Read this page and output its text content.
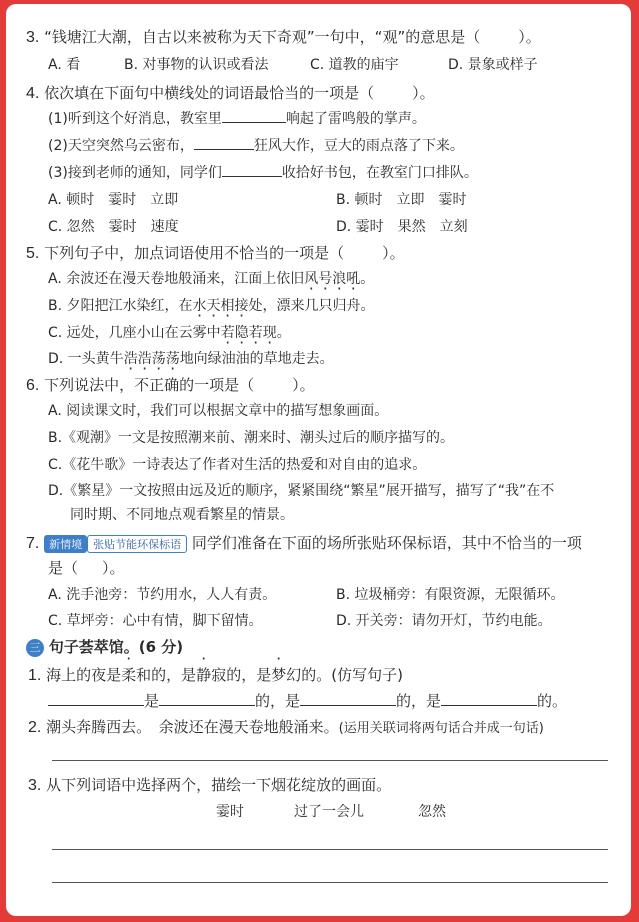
3. “钱塘江大潮，自古以来被称为天下奇观”一句中，“观”的意思是（	）。
A. 看	B. 对事物的认识或看法	C. 道教的庙宇	D. 景象或样子
4. 依次填在下面句中横线处的词语最恰当的一项是（	）。
(1)听到这个好消息，教室里	响起了雷鸣般的掌声。
(2)天空突然乌云密布，	狂风大作，豆大的雨点落了下来。
(3)接到老师的通知，同学们	收拾好书包，在教室门口排队。
A. 顿时　霎时　立即	B. 顿时　立即　霎时
C. 忽然　霎时　速度	D. 霎时　果然　立刻
5. 下列句子中，加点词语使用不恰当的一项是（	）。
A. 余波还在漫天卷地般涌来，江面上依旧风号浪吼。
B. 夕阳把江水染红，在水天相接处，漂来几只归舟。
C. 远处，几座小山在云雾中若隐若现。
D. 一头黄牛浩浩荡荡地向绿油油的草地走去。
6. 下列说法中，不正确的一项是（	）。
A. 阅读课文时，我们可以根据文章中的描写想象画面。
B.《观潮》一文是按照潮来前、潮来时、潮头过后的顺序描写的。
C.《花牛歌》一诗表达了作者对生活的热爱和对自由的追求。
D.《繁星》一文按照由远及近的顺序，紧紧围绕“繁星”展开描写，描写了“我”在不
同时期、不同地点观看繁星的情景。
7. 新情境 张贴节能环保标语 同学们准备在下面的场所张贴环保标语，其中不恰当的一项
是（ ）。
A. 洗手池旁：节约用水，人人有责。	B. 垃圾桶旁：有限资源，无限循环。
C. 草坪旁：心中有情，脚下留情。	D. 开关旁：请勿开灯，节约电能。
三 句子荟萃馆。(6 分)
1. 海上的夜是柔和的，是静寂的，是梦幻的。(仿写句子)
是	的，是	的，是	的。
2. 潮头奔腾西去。　余波还在漫天卷地般涌来。(运用关联词将两句话合并成一句话)
3. 从下列词语中选择两个，描绘一下烟花绽放的画面。
霎时	过了一会儿	忽然
